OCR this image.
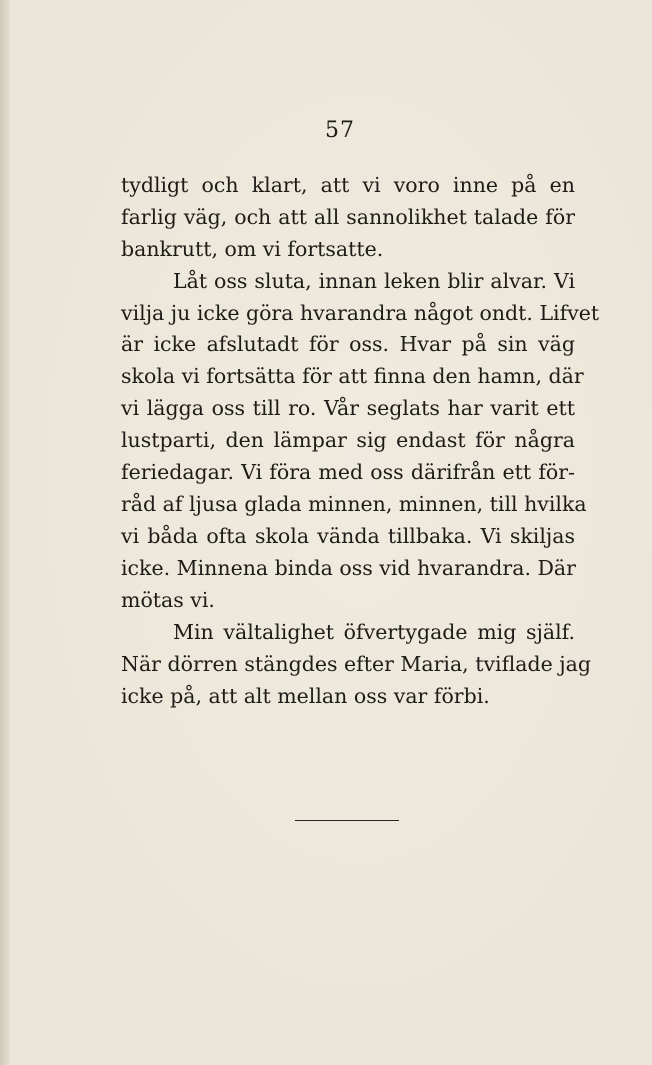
57
tydligt och klart, att vi voro inne på en
farlig väg, och att all sannolikhet talade för
bankrutt, om vi fortsatte.
Låt oss sluta, innan leken blir alvar. Vi
vilja ju icke göra hvarandra något ondt. Lifvet
är icke afslutadt för oss. Hvar på sin väg
skola vi fortsätta för att finna den hamn, där
vi lägga oss till ro. Vår seglats har varit ett
lustparti, den lämpar sig endast för några
feriedagar. Vi föra med oss därifrån ett för-
råd af ljusa glada minnen, minnen, till hvilka
vi båda ofta skola vända tillbaka. Vi skiljas
icke. Minnena binda oss vid hvarandra. Där
mötas vi.
Min vältalighet öfvertygade mig själf.
När dörren stängdes efter Maria, tviflade jag
icke på, att alt mellan oss var förbi.
